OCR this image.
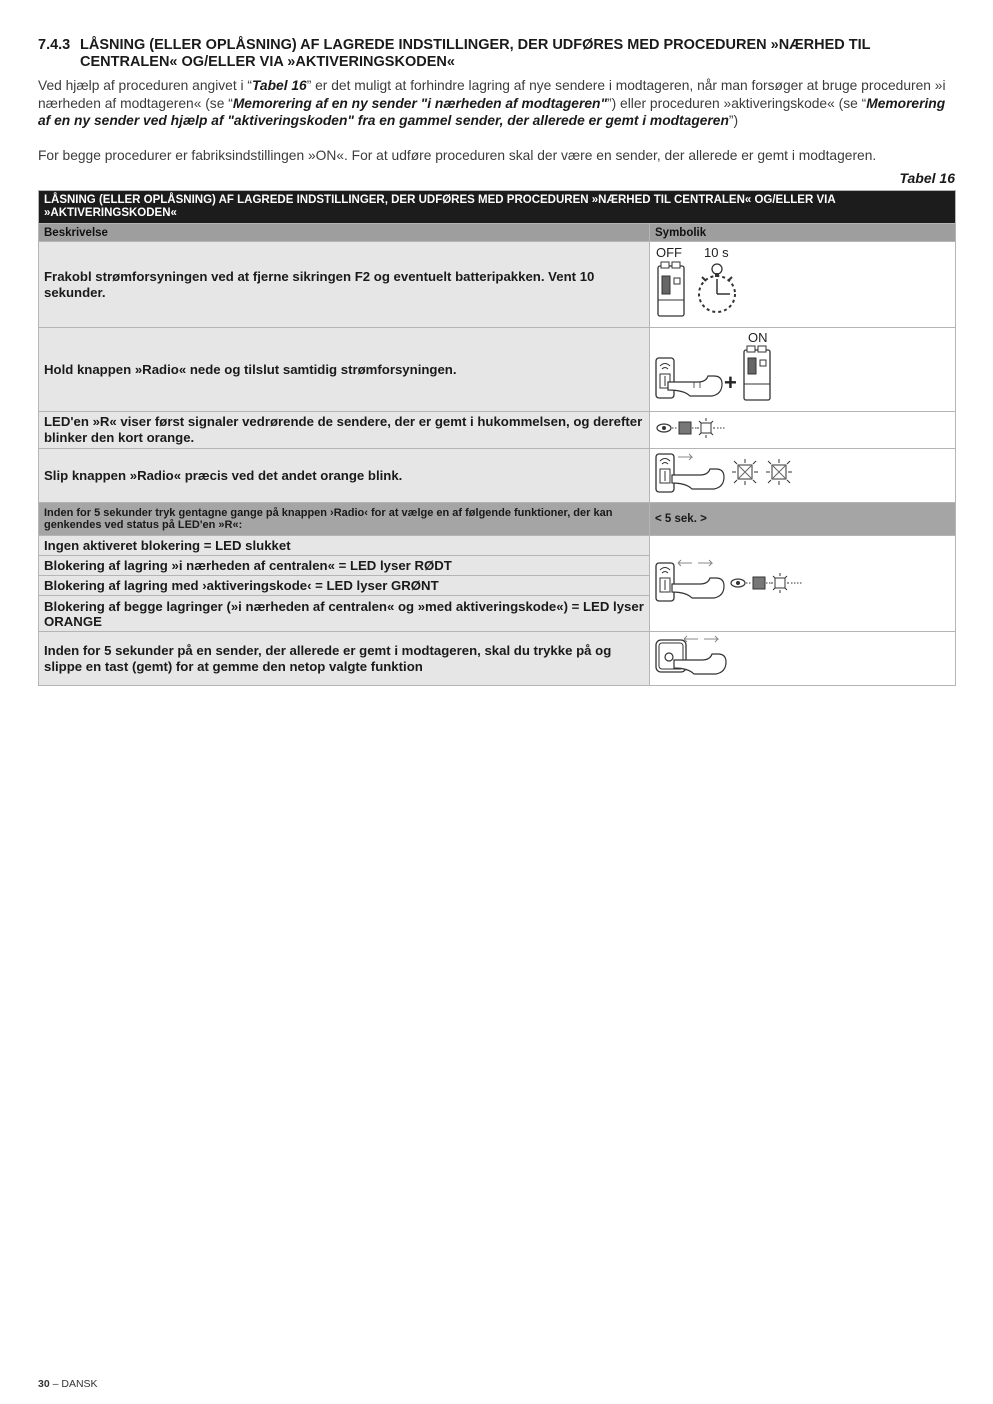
7.4.3 LÅSNING (ELLER OPLÅSNING) AF LAGREDE INDSTILLINGER, DER UDFØRES MED PROCEDUREN »NÆRHED TIL CENTRALEN« OG/ELLER VIA »AKTIVERINGSKODEN«

Ved hjælp af proceduren angivet i “Tabel 16” er det muligt at forhindre lagring af nye sendere i modtageren, når man forsøger at bruge proceduren »i nærheden af modtageren« (se “Memorering af en ny sender "i nærheden af modtageren"”) eller proceduren »aktiveringskode« (se “Memorering af en ny sender ved hjælp af "aktiveringskoden" fra en gammel sender, der allerede er gemt i modtageren”)

For begge procedurer er fabriksindstillingen »ON«. For at udføre proceduren skal der være en sender, der allerede er gemt i modtageren.

Tabel 16
LÅSNING (ELLER OPLÅSNING) AF LAGREDE INDSTILLINGER, DER UDFØRES MED PROCEDUREN »NÆRHED TIL CENTRALEN« OG/ELLER VIA »AKTIVERINGSKODEN«	
Beskrivelse	Symbolik
Frakobl strømforsyningen ved at fjerne sikringen F2 og eventuelt batteripakken. Vent 10 sekunder.	OFF 10 s

Hold knappen »Radio« nede og tilslut samtidig strømforsyningen.	ON
+

LED'en »R« viser først signaler vedrørende de sendere, der er gemt i hukommelsen, og derefter blinker den kort orange.	
Slip knappen »Radio« præcis ved det andet orange blink.	
Inden for 5 sekunder tryk gentagne gange på knappen ›Radio‹ for at vælge en af følgende funktioner, der kan genkendes ved status på LED'en »R«:	< 5 sek. >
Ingen aktiveret blokering = LED slukket	
Blokering af lagring »i nærheden af centralen« = LED lyser RØDT	
Blokering af lagring med ›aktiveringskode‹ = LED lyser GRØNT	
Blokering af begge lagringer (»i nærheden af centralen« og »med aktiveringskode«) = LED lyser ORANGE	
Inden for 5 sekunder på en sender, der allerede er gemt i modtageren, skal du trykke på og slippe en tast (gemt) for at gemme den netop valgte funktion	
30 – DANSK
